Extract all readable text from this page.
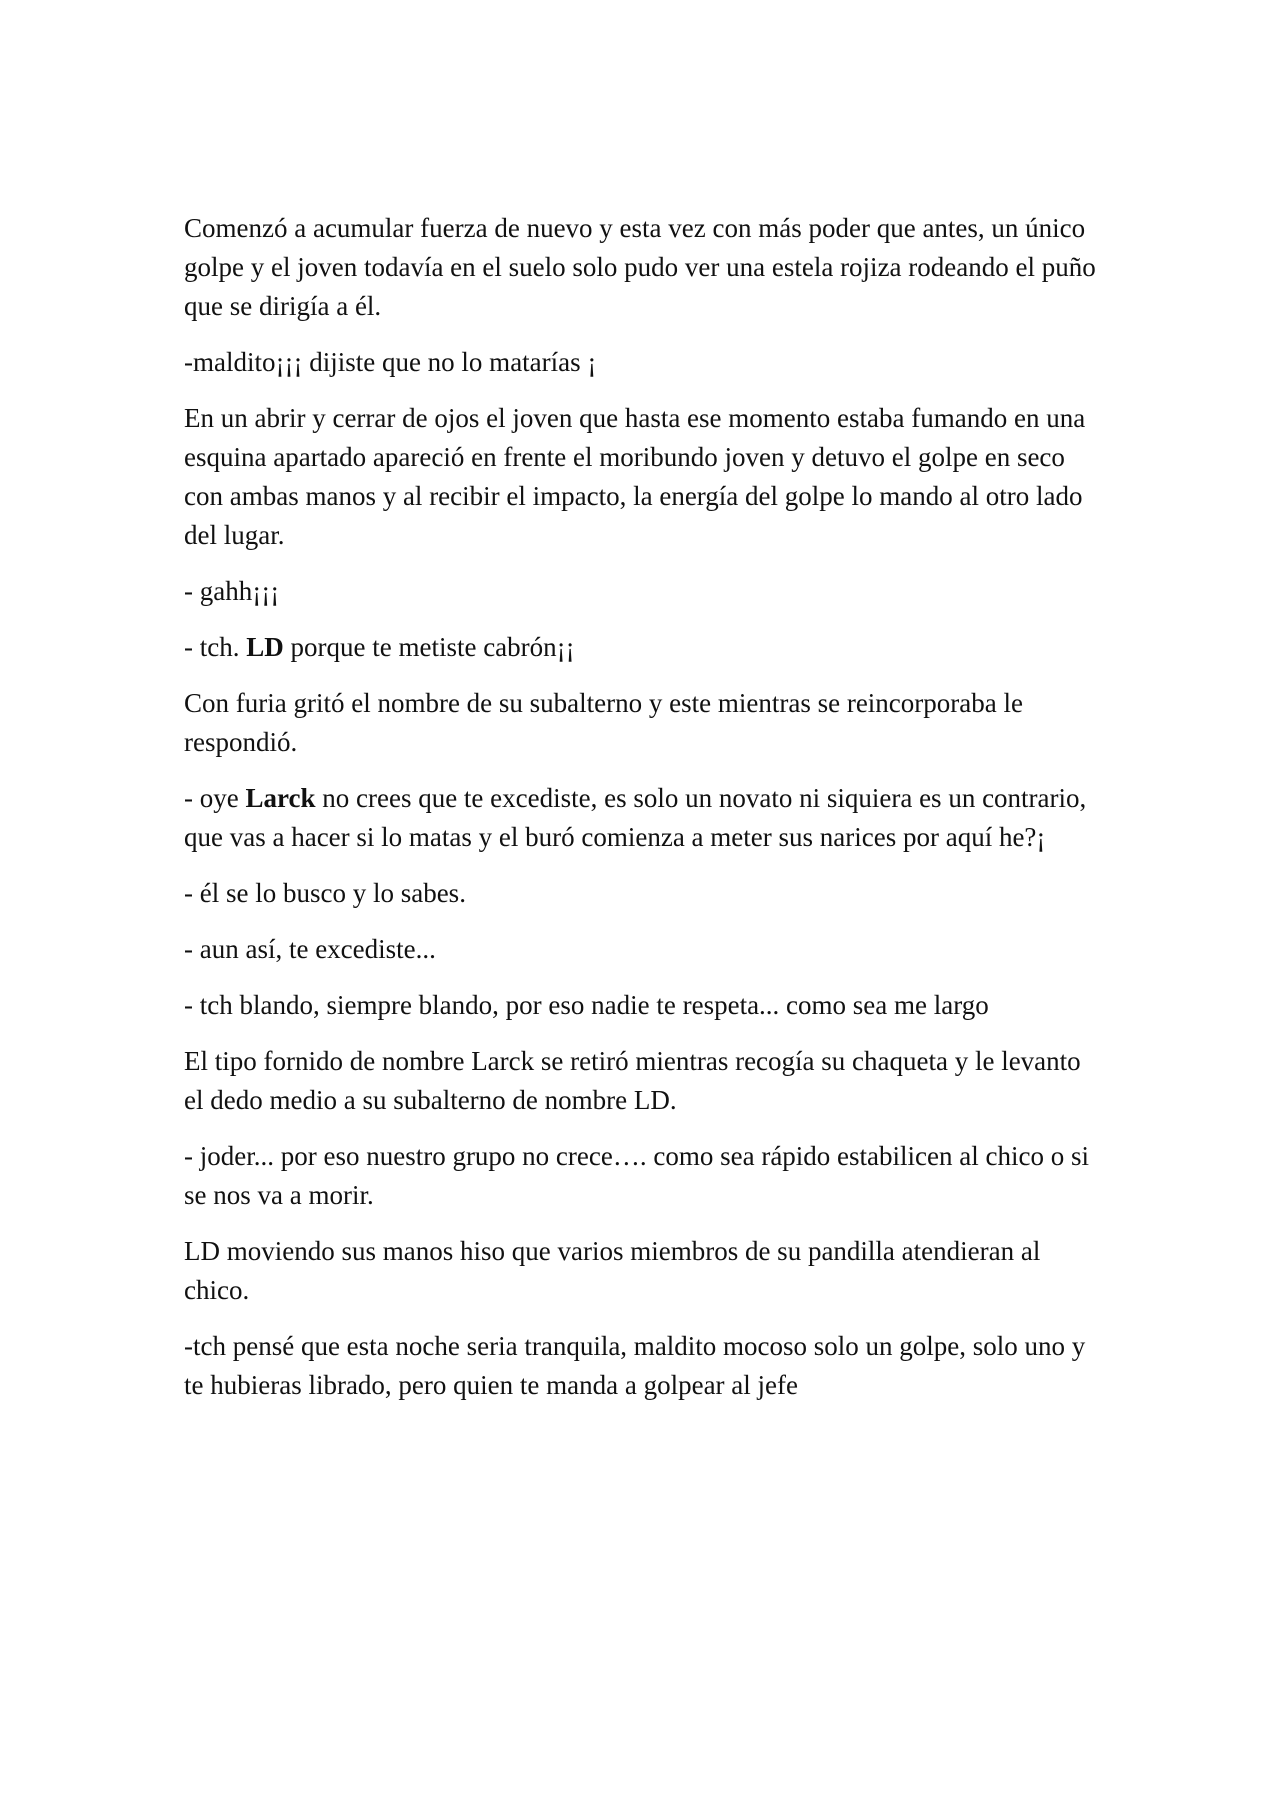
Comenzó a acumular fuerza de nuevo y esta vez con más poder que antes, un único golpe y el joven todavía en el suelo solo pudo ver una estela rojiza rodeando el puño que se dirigía a él.

-maldito¡¡¡ dijiste que no lo matarías ¡

En un abrir y cerrar de ojos el joven que hasta ese momento estaba fumando en una esquina apartado apareció en frente el moribundo joven y detuvo el golpe en seco con ambas manos y al recibir el impacto, la energía del golpe lo mando al otro lado del lugar.

- gahh¡¡¡

- tch. LD porque te metiste cabrón¡¡

Con furia gritó el nombre de su subalterno y este mientras se reincorporaba le respondió.

- oye Larck no crees que te excediste, es solo un novato ni siquiera es un contrario, que vas a hacer si lo matas y el buró comienza a meter sus narices por aquí he?¡

- él se lo busco y lo sabes.

- aun así, te excediste...

- tch blando, siempre blando, por eso nadie te respeta... como sea me largo

El tipo fornido de nombre Larck se retiró mientras recogía su chaqueta y le levanto el dedo medio a su subalterno de nombre LD.

- joder... por eso nuestro grupo no crece…. como sea rápido estabilicen al chico o si se nos va a morir.

LD moviendo sus manos hiso que varios miembros de su pandilla atendieran al chico.

-tch pensé que esta noche seria tranquila, maldito mocoso solo un golpe, solo uno y te hubieras librado, pero quien te manda a golpear al jefe
